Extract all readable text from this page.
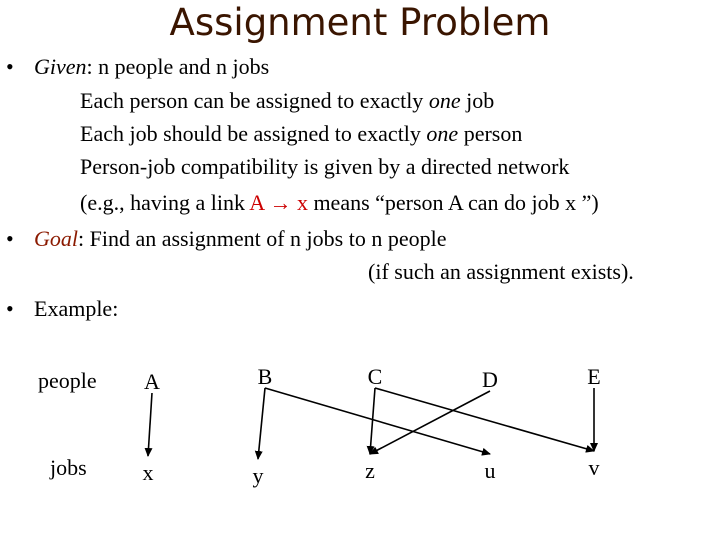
Assignment Problem
• Given: n people and n jobs
Each person can be assigned to exactly one job
Each job should be assigned to exactly one person
Person-job compatibility is given by a directed network
(e.g., having a link A → x means “person A can do job x ”)
• Goal: Find an assignment of n jobs to n people
(if such an assignment exists).
• Example:
A	B	C	D	E
x	y	z	u	v
people
jobs
